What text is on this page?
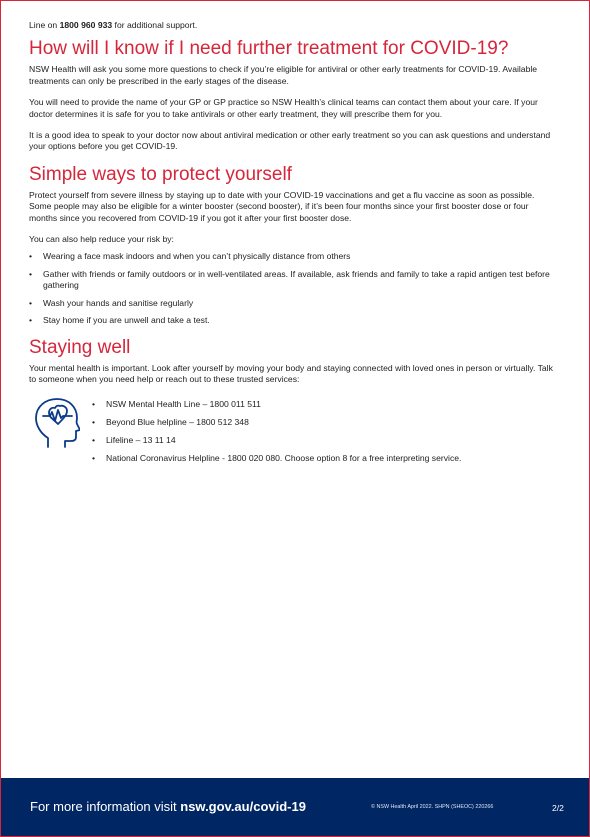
Line on 1800 960 933 for additional support.

How will I know if I need further treatment for COVID-19?

NSW Health will ask you some more questions to check if you’re eligible for antiviral or other early treatments for COVID-19. Available treatments can only be prescribed in the early stages of the disease.

You will need to provide the name of your GP or GP practice so NSW Health’s clinical teams can contact them about your care. If your doctor determines it is safe for you to take antivirals or other early treatment, they will prescribe them for you.

It is a good idea to speak to your doctor now about antiviral medication or other early treatment so you can ask questions and understand your options before you get COVID-19.

Simple ways to protect yourself

Protect yourself from severe illness by staying up to date with your COVID-19 vaccinations and get a flu vaccine as soon as possible. Some people may also be eligible for a winter booster (second booster), if it’s been four months since your first booster dose or four months since you recovered from COVID-19 if you got it after your first booster dose.

You can also help reduce your risk by:

• Wearing a face mask indoors and when you can’t physically distance from others
• Gather with friends or family outdoors or in well-ventilated areas. If available, ask friends and family to take a rapid antigen test before gathering
• Wash your hands and sanitise regularly
• Stay home if you are unwell and take a test.
Staying well

Your mental health is important. Look after yourself by moving your body and staying connected with loved ones in person or virtually. Talk to someone when you need help or reach out to these trusted services:

• NSW Mental Health Line – 1800 011 511
• Beyond Blue helpline – 1800 512 348
• Lifeline – 13 11 14
• National Coronavirus Helpline - 1800 020 080. Choose option 8 for a free interpreting service.
For more information visit nsw.gov.au/covid-19	© NSW Health April 2022. SHPN (SHEOC) 220266	2/2
